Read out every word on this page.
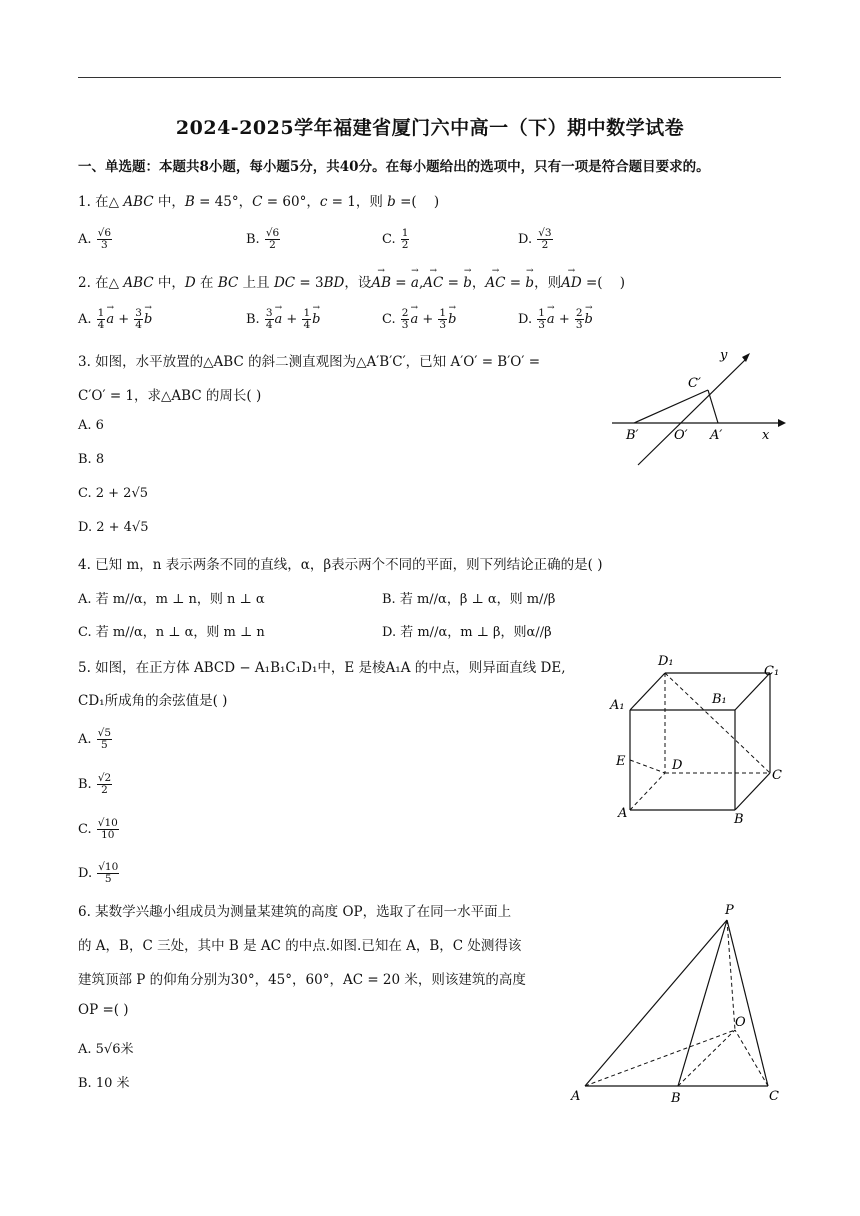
2024-2025学年福建省厦门六中高一（下）期中数学试卷
一、单选题：本题共8小题，每小题5分，共40分。在每小题给出的选项中，只有一项是符合题目要求的。
1. 在△ ABC 中，B = 45°，C = 60°，c = 1，则 b =(    )
A. $\frac{√6}{3}$	B. $\frac{√6}{2}$	C. $\frac{1}{2}$	D. $\frac{√3}{2}$
2. 在△ ABC 中，D 在 BC 上且 DC = 3BD，设→ AB = → a,→ AC = → b，→ AC = → b，则→ AD =(    )
A. $\frac{1}{4}$
→ $a + \frac{3}{4}$
→ b	B. $\frac{3}{4}$
→ $a + \frac{1}{4}$
→ b	C. $\frac{2}{3}$
→ $a + \frac{1}{3}$
→ b	D. $\frac{1}{3}$
→ $a + \frac{2}{3}$
→ b
3. 如图，水平放置的△ABC 的斜二测直观图为△A′B′C′，已知 A′O′ = B′O′ =
C′O′ = 1，求△ABC 的周长( )
A. 6
B. 8
C. 2 + 2√5
D. 2 + 4√5
y
C′
B′	O′ A′	x
4. 已知 m，n 表示两条不同的直线，α，β表示两个不同的平面，则下列结论正确的是( )
A. 若 m//α，m ⊥ n，则 n ⊥ α	B. 若 m//α，β ⊥ α，则 m//β
C. 若 m//α，n ⊥ α，则 m ⊥ n	D. 若 m//α，m ⊥ β，则α//β
5. 如图，在正方体 ABCD − A₁B₁C₁D₁中，E 是棱A₁A 的中点，则异面直线 DE,
CD₁所成角的余弦值是( )
A. $\frac{√5}{5}$
B. $\frac{√2}{2}$
C. $\frac{√10}{10}$
D. $\frac{√10}{5}$
D₁
C₁
A₁	B₁
E	D
C
A	B
6. 某数学兴趣小组成员为测量某建筑的高度 OP，选取了在同一水平面上
的 A，B，C 三处，其中 B 是 AC 的中点.如图.已知在 A，B，C 处测得该
建筑顶部 P 的仰角分别为30°，45°，60°，AC = 20 米，则该建筑的高度
OP =( )
A. 5√6米
B. 10 米
P
O
A	B	C
